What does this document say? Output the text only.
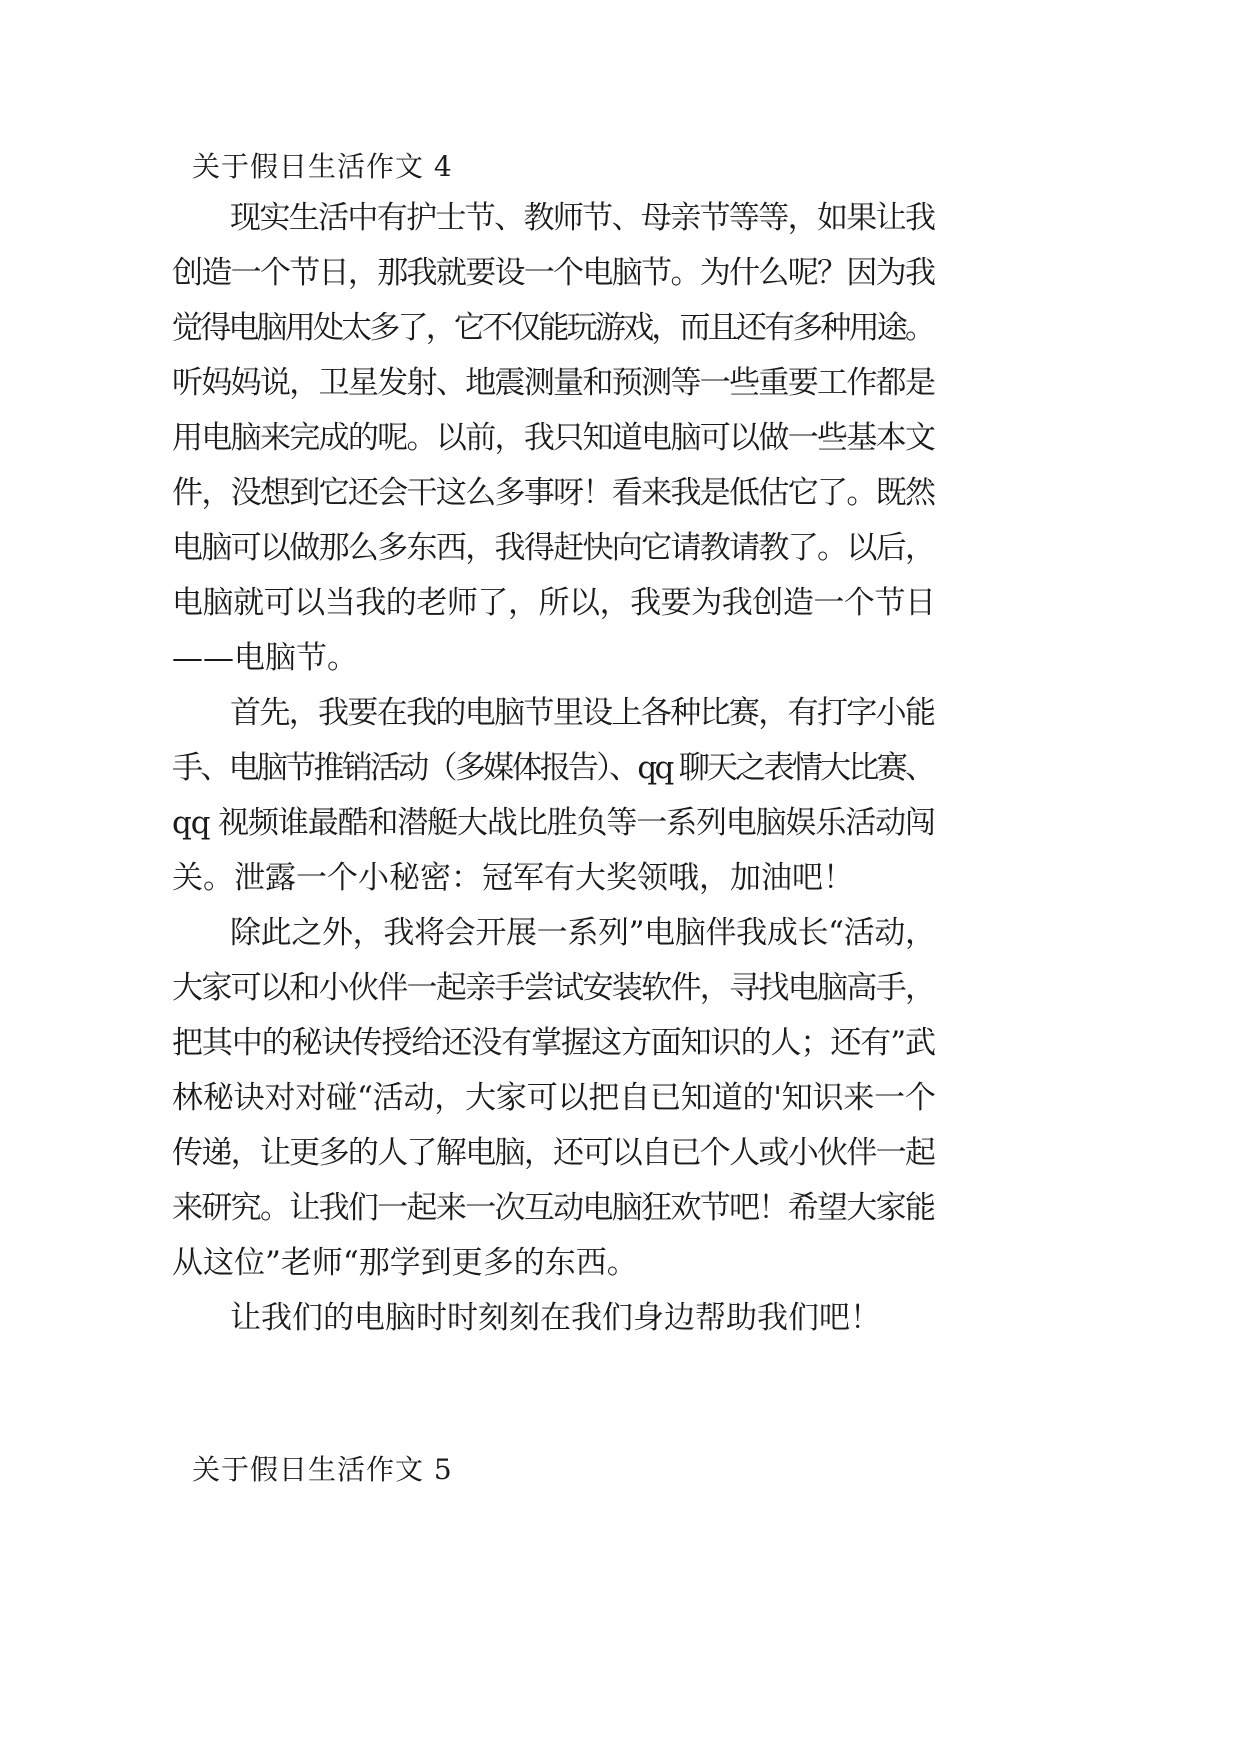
关于假日生活作文 4
现实生活中有护士节、教师节、母亲节等等，如果让我
创造一个节日，那我就要设一个电脑节。为什么呢？因为我
觉得电脑用处太多了，它不仅能玩游戏，而且还有多种用途。
听妈妈说，卫星发射、地震测量和预测等一些重要工作都是
用电脑来完成的呢。以前，我只知道电脑可以做一些基本文
件，没想到它还会干这么多事呀！看来我是低估它了。既然
电脑可以做那么多东西，我得赶快向它请教请教了。以后，
电脑就可以当我的老师了，所以，我要为我创造一个节日
——电脑节。
首先，我要在我的电脑节里设上各种比赛，有打字小能
手、电脑节推销活动（多媒体报告）、qq 聊天之表情大比赛、
qq 视频谁最酷和潜艇大战比胜负等一系列电脑娱乐活动闯
关。泄露一个小秘密：冠军有大奖领哦，加油吧！
除此之外，我将会开展一系列”电脑伴我成长“活动，
大家可以和小伙伴一起亲手尝试安装软件，寻找电脑高手，
把其中的秘诀传授给还没有掌握这方面知识的人；还有”武
林秘诀对对碰“活动，大家可以把自已知道的'知识来一个
传递，让更多的人了解电脑，还可以自已个人或小伙伴一起
来研究。让我们一起来一次互动电脑狂欢节吧！希望大家能
从这位”老师“那学到更多的东西。
让我们的电脑时时刻刻在我们身边帮助我们吧！
关于假日生活作文 5
